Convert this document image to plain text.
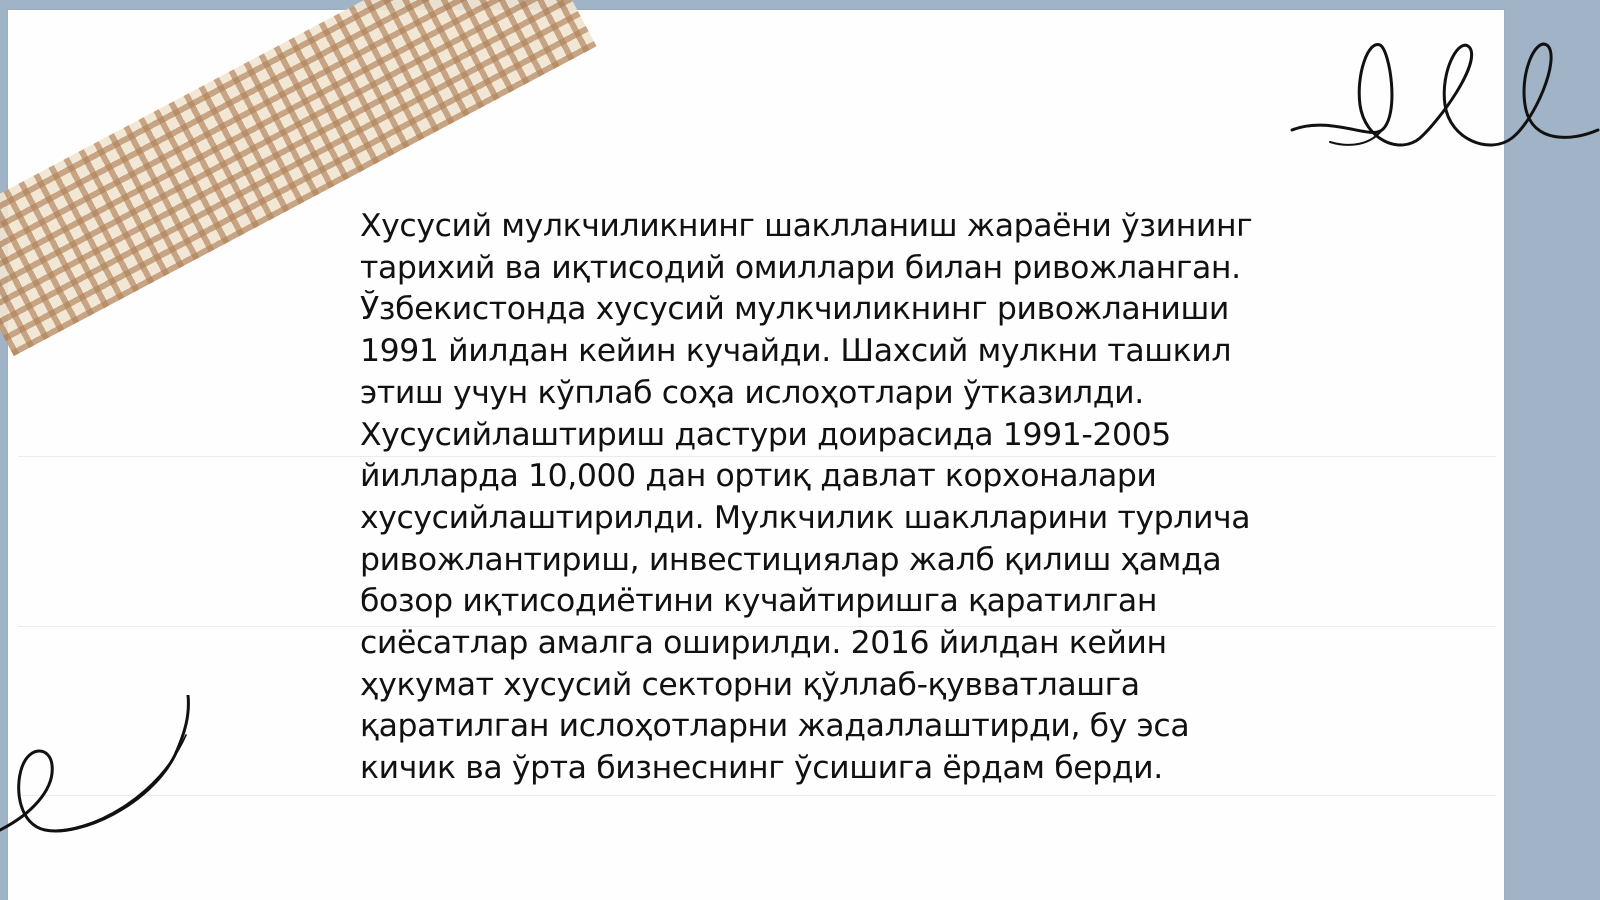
Хусусий мулкчиликнинг шаклланиш жараёни ўзининг тарихий ва иқтисодий омиллари билан ривожланган. Ўзбекистонда хусусий мулкчиликнинг ривожланиши 1991 йилдан кейин кучайди. Шахсий мулкни ташкил этиш учун кўплаб соҳа ислоҳотлари ўтказилди. Хусусийлаштириш дастури доирасида 1991-2005 йилларда 10,000 дан ортиқ давлат корхоналари хусусийлаштирилди. Мулкчилик шаклларини турлича ривожлантириш, инвестициялар жалб қилиш ҳамда бозор иқтисодиётини кучайтиришга қаратилган сиёсатлар амалга оширилди. 2016 йилдан кейин ҳукумат хусусий секторни қўллаб-қувватлашга қаратилган ислоҳотларни жадаллаштирди, бу эса кичик ва ўрта бизнеснинг ўсишига ёрдам берди.
